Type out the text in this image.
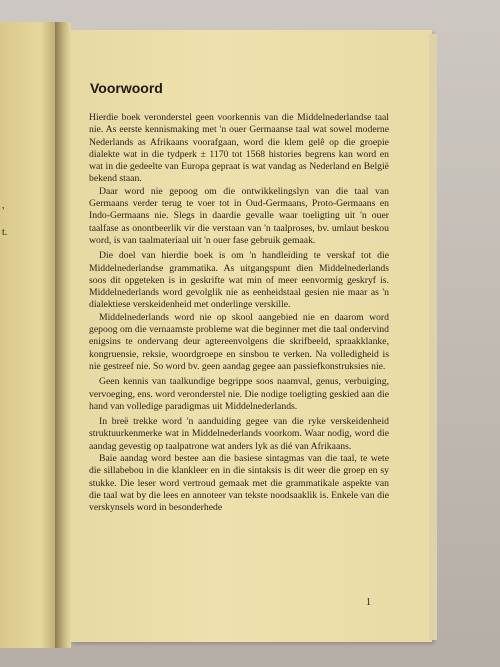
,
t.
Voorwoord

Hierdie boek veronderstel geen voorkennis van die Middelnederlandse taal nie. As eerste kennismaking met 'n ouer Germaanse taal wat sowel moderne Nederlands as Afrikaans voorafgaan, word die klem gelê op die groepie dialekte wat in die tydperk ± 1170 tot 1568 histories begrens kan word en wat in die gedeelte van Europa gepraat is wat vandag as Nederland en België bekend staan.

Daar word nie gepoog om die ontwikkelingslyn van die taal van Germaans verder terug te voer tot in Oud-Germaans, Proto-Germaans en Indo-Germaans nie. Slegs in daardie gevalle waar toeligting uit 'n ouer taalfase as onontbeerlik vir die verstaan van 'n taalproses, bv. umlaut beskou word, is van taalmateriaal uit 'n ouer fase gebruik gemaak.

Die doel van hierdie boek is om 'n handleiding te verskaf tot die Middelnederlandse grammatika. As uitgangspunt dien Middelnederlands soos dit opgeteken is in geskrifte wat min of meer eenvormig geskryf is. Middelnederlands word gevolglik nie as eenheidstaal gesien nie maar as 'n dialektiese verskeidenheid met onderlinge verskille.

Middelnederlands word nie op skool aangebied nie en daarom word gepoog om die vernaamste probleme wat die beginner met die taal ondervind enigsins te ondervang deur agtereenvolgens die skrifbeeld, spraakklanke, kongruensie, reksie, woordgroepe en sinsbou te verken. Na volledigheid is nie gestreef nie. So word bv. geen aandag gegee aan passiefkonstruksies nie.

Geen kennis van taalkundige begrippe soos naamval, genus, verbuiging, vervoeging, ens. word veronderstel nie. Die nodige toeligting geskied aan die hand van volledige paradigmas uit Middelnederlands.

In breë trekke word 'n aanduiding gegee van die ryke verskeidenheid struktuurkenmerke wat in Middelnederlands voorkom. Waar nodig, word die aandag gevestig op taalpatrone wat anders lyk as dié van Afrikaans.

Baie aandag word bestee aan die basiese sintagmas van die taal, te wete die sillabebou in die klankleer en in die sintaksis is dit weer die groep en sy stukke. Die leser word vertroud gemaak met die grammatikale aspekte van die taal wat by die lees en annoteer van tekste noodsaaklik is. Enkele van die verskynsels word in besonderhede

1
